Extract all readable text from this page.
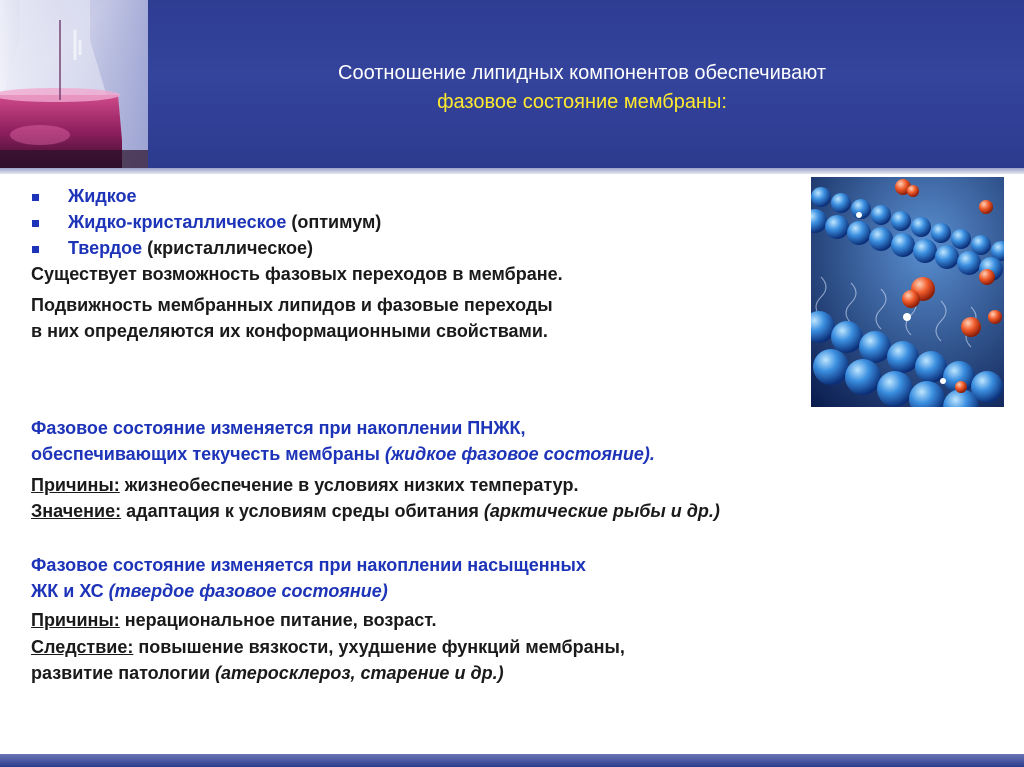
Соотношение липидных компонентов обеспечивают
фазовое состояние мембраны:
Жидкое
Жидко-кристаллическое (оптимум)
Твердое (кристаллическое)
Существует возможность фазовых переходов в мембране.
Подвижность мембранных липидов и фазовые переходы
в них определяются их конформационными свойствами.
Фазовое состояние изменяется при накоплении ПНЖК,
обеспечивающих текучесть мембраны (жидкое фазовое состояние).
Причины: жизнеобеспечение в условиях низких температур.
Значение: адаптация к условиям среды обитания (арктические рыбы и др.)
Фазовое состояние изменяется при накоплении насыщенных
ЖК и ХС (твердое фазовое состояние)
Причины: нерациональное питание, возраст.
Следствие: повышение вязкости, ухудшение функций мембраны,
развитие патологии (атеросклероз, старение и др.)
